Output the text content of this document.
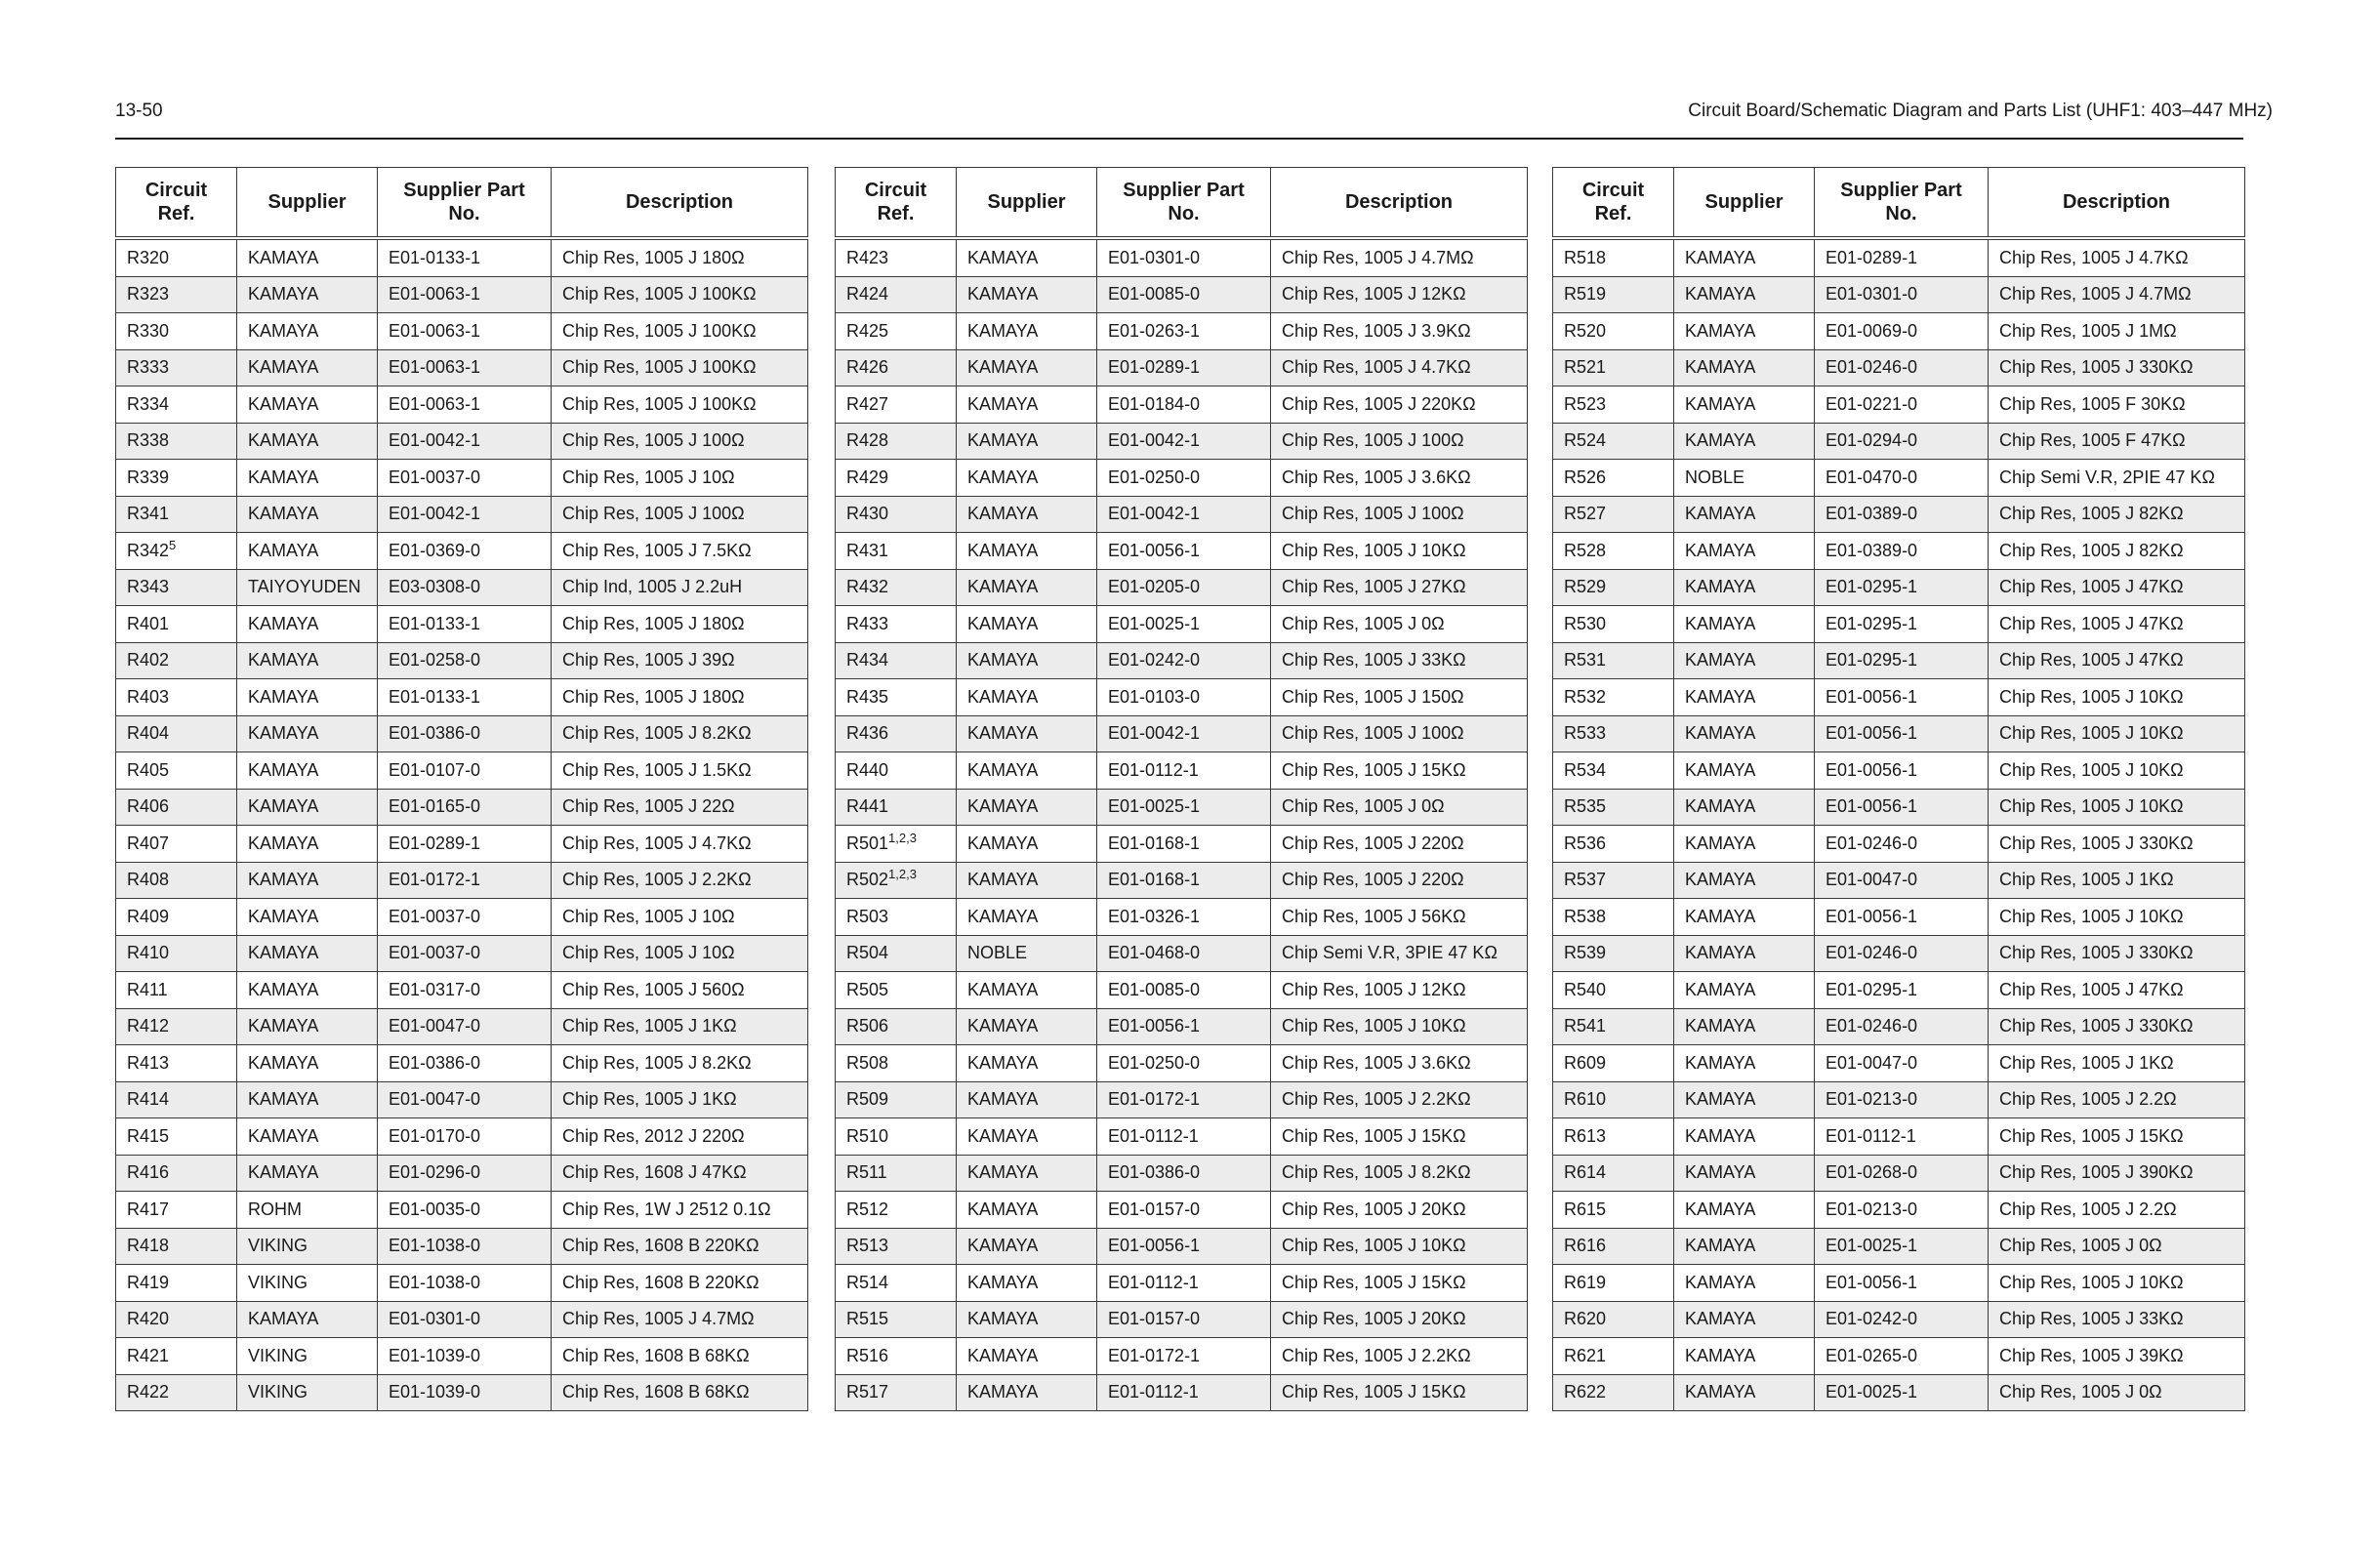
13-50	Circuit Board/Schematic Diagram and Parts List (UHF1: 403–447 MHz)
Circuit Ref.	Supplier	Supplier Part No.	Description
R320	KAMAYA	E01-0133-1	Chip Res, 1005 J 180Ω
R323	KAMAYA	E01-0063-1	Chip Res, 1005 J 100KΩ
R330	KAMAYA	E01-0063-1	Chip Res, 1005 J 100KΩ
R333	KAMAYA	E01-0063-1	Chip Res, 1005 J 100KΩ
R334	KAMAYA	E01-0063-1	Chip Res, 1005 J 100KΩ
R338	KAMAYA	E01-0042-1	Chip Res, 1005 J 100Ω
R339	KAMAYA	E01-0037-0	Chip Res, 1005 J 10Ω
R341	KAMAYA	E01-0042-1	Chip Res, 1005 J 100Ω
$R342^5$	KAMAYA	E01-0369-0	Chip Res, 1005 J 7.5KΩ
R343	TAIYOYUDEN	E03-0308-0	Chip Ind, 1005 J 2.2uH
R401	KAMAYA	E01-0133-1	Chip Res, 1005 J 180Ω
R402	KAMAYA	E01-0258-0	Chip Res, 1005 J 39Ω
R403	KAMAYA	E01-0133-1	Chip Res, 1005 J 180Ω
R404	KAMAYA	E01-0386-0	Chip Res, 1005 J 8.2KΩ
R405	KAMAYA	E01-0107-0	Chip Res, 1005 J 1.5KΩ
R406	KAMAYA	E01-0165-0	Chip Res, 1005 J 22Ω
R407	KAMAYA	E01-0289-1	Chip Res, 1005 J 4.7KΩ
R408	KAMAYA	E01-0172-1	Chip Res, 1005 J 2.2KΩ
R409	KAMAYA	E01-0037-0	Chip Res, 1005 J 10Ω
R410	KAMAYA	E01-0037-0	Chip Res, 1005 J 10Ω
R411	KAMAYA	E01-0317-0	Chip Res, 1005 J 560Ω
R412	KAMAYA	E01-0047-0	Chip Res, 1005 J 1KΩ
R413	KAMAYA	E01-0386-0	Chip Res, 1005 J 8.2KΩ
R414	KAMAYA	E01-0047-0	Chip Res, 1005 J 1KΩ
R415	KAMAYA	E01-0170-0	Chip Res, 2012 J 220Ω
R416	KAMAYA	E01-0296-0	Chip Res, 1608 J 47KΩ
R417	ROHM	E01-0035-0	Chip Res, 1W J 2512 0.1Ω
R418	VIKING	E01-1038-0	Chip Res, 1608 B 220KΩ
R419	VIKING	E01-1038-0	Chip Res, 1608 B 220KΩ
R420	KAMAYA	E01-0301-0	Chip Res, 1005 J 4.7MΩ
R421	VIKING	E01-1039-0	Chip Res, 1608 B 68KΩ
R422	VIKING	E01-1039-0	Chip Res, 1608 B 68KΩ
Circuit Ref.	Supplier	Supplier Part No.	Description
R423	KAMAYA	E01-0301-0	Chip Res, 1005 J 4.7MΩ
R424	KAMAYA	E01-0085-0	Chip Res, 1005 J 12KΩ
R425	KAMAYA	E01-0263-1	Chip Res, 1005 J 3.9KΩ
R426	KAMAYA	E01-0289-1	Chip Res, 1005 J 4.7KΩ
R427	KAMAYA	E01-0184-0	Chip Res, 1005 J 220KΩ
R428	KAMAYA	E01-0042-1	Chip Res, 1005 J 100Ω
R429	KAMAYA	E01-0250-0	Chip Res, 1005 J 3.6KΩ
R430	KAMAYA	E01-0042-1	Chip Res, 1005 J 100Ω
R431	KAMAYA	E01-0056-1	Chip Res, 1005 J 10KΩ
R432	KAMAYA	E01-0205-0	Chip Res, 1005 J 27KΩ
R433	KAMAYA	E01-0025-1	Chip Res, 1005 J 0Ω
R434	KAMAYA	E01-0242-0	Chip Res, 1005 J 33KΩ
R435	KAMAYA	E01-0103-0	Chip Res, 1005 J 150Ω
R436	KAMAYA	E01-0042-1	Chip Res, 1005 J 100Ω
R440	KAMAYA	E01-0112-1	Chip Res, 1005 J 15KΩ
R441	KAMAYA	E01-0025-1	Chip Res, 1005 J 0Ω
R501$^{1,2,3}$	KAMAYA	E01-0168-1	Chip Res, 1005 J 220Ω
R502$^{1,2,3}$	KAMAYA	E01-0168-1	Chip Res, 1005 J 220Ω
R503	KAMAYA	E01-0326-1	Chip Res, 1005 J 56KΩ
R504	NOBLE	E01-0468-0	Chip Semi V.R, 3PIE 47 KΩ
R505	KAMAYA	E01-0085-0	Chip Res, 1005 J 12KΩ
R506	KAMAYA	E01-0056-1	Chip Res, 1005 J 10KΩ
R508	KAMAYA	E01-0250-0	Chip Res, 1005 J 3.6KΩ
R509	KAMAYA	E01-0172-1	Chip Res, 1005 J 2.2KΩ
R510	KAMAYA	E01-0112-1	Chip Res, 1005 J 15KΩ
R511	KAMAYA	E01-0386-0	Chip Res, 1005 J 8.2KΩ
R512	KAMAYA	E01-0157-0	Chip Res, 1005 J 20KΩ
R513	KAMAYA	E01-0056-1	Chip Res, 1005 J 10KΩ
R514	KAMAYA	E01-0112-1	Chip Res, 1005 J 15KΩ
R515	KAMAYA	E01-0157-0	Chip Res, 1005 J 20KΩ
R516	KAMAYA	E01-0172-1	Chip Res, 1005 J 2.2KΩ
R517	KAMAYA	E01-0112-1	Chip Res, 1005 J 15KΩ
Circuit Ref.	Supplier	Supplier Part No.	Description
R518	KAMAYA	E01-0289-1	Chip Res, 1005 J 4.7KΩ
R519	KAMAYA	E01-0301-0	Chip Res, 1005 J 4.7MΩ
R520	KAMAYA	E01-0069-0	Chip Res, 1005 J 1MΩ
R521	KAMAYA	E01-0246-0	Chip Res, 1005 J 330KΩ
R523	KAMAYA	E01-0221-0	Chip Res, 1005 F 30KΩ
R524	KAMAYA	E01-0294-0	Chip Res, 1005 F 47KΩ
R526	NOBLE	E01-0470-0	Chip Semi V.R, 2PIE 47 KΩ
R527	KAMAYA	E01-0389-0	Chip Res, 1005 J 82KΩ
R528	KAMAYA	E01-0389-0	Chip Res, 1005 J 82KΩ
R529	KAMAYA	E01-0295-1	Chip Res, 1005 J 47KΩ
R530	KAMAYA	E01-0295-1	Chip Res, 1005 J 47KΩ
R531	KAMAYA	E01-0295-1	Chip Res, 1005 J 47KΩ
R532	KAMAYA	E01-0056-1	Chip Res, 1005 J 10KΩ
R533	KAMAYA	E01-0056-1	Chip Res, 1005 J 10KΩ
R534	KAMAYA	E01-0056-1	Chip Res, 1005 J 10KΩ
R535	KAMAYA	E01-0056-1	Chip Res, 1005 J 10KΩ
R536	KAMAYA	E01-0246-0	Chip Res, 1005 J 330KΩ
R537	KAMAYA	E01-0047-0	Chip Res, 1005 J 1KΩ
R538	KAMAYA	E01-0056-1	Chip Res, 1005 J 10KΩ
R539	KAMAYA	E01-0246-0	Chip Res, 1005 J 330KΩ
R540	KAMAYA	E01-0295-1	Chip Res, 1005 J 47KΩ
R541	KAMAYA	E01-0246-0	Chip Res, 1005 J 330KΩ
R609	KAMAYA	E01-0047-0	Chip Res, 1005 J 1KΩ
R610	KAMAYA	E01-0213-0	Chip Res, 1005 J 2.2Ω
R613	KAMAYA	E01-0112-1	Chip Res, 1005 J 15KΩ
R614	KAMAYA	E01-0268-0	Chip Res, 1005 J 390KΩ
R615	KAMAYA	E01-0213-0	Chip Res, 1005 J 2.2Ω
R616	KAMAYA	E01-0025-1	Chip Res, 1005 J 0Ω
R619	KAMAYA	E01-0056-1	Chip Res, 1005 J 10KΩ
R620	KAMAYA	E01-0242-0	Chip Res, 1005 J 33KΩ
R621	KAMAYA	E01-0265-0	Chip Res, 1005 J 39KΩ
R622	KAMAYA	E01-0025-1	Chip Res, 1005 J 0Ω
